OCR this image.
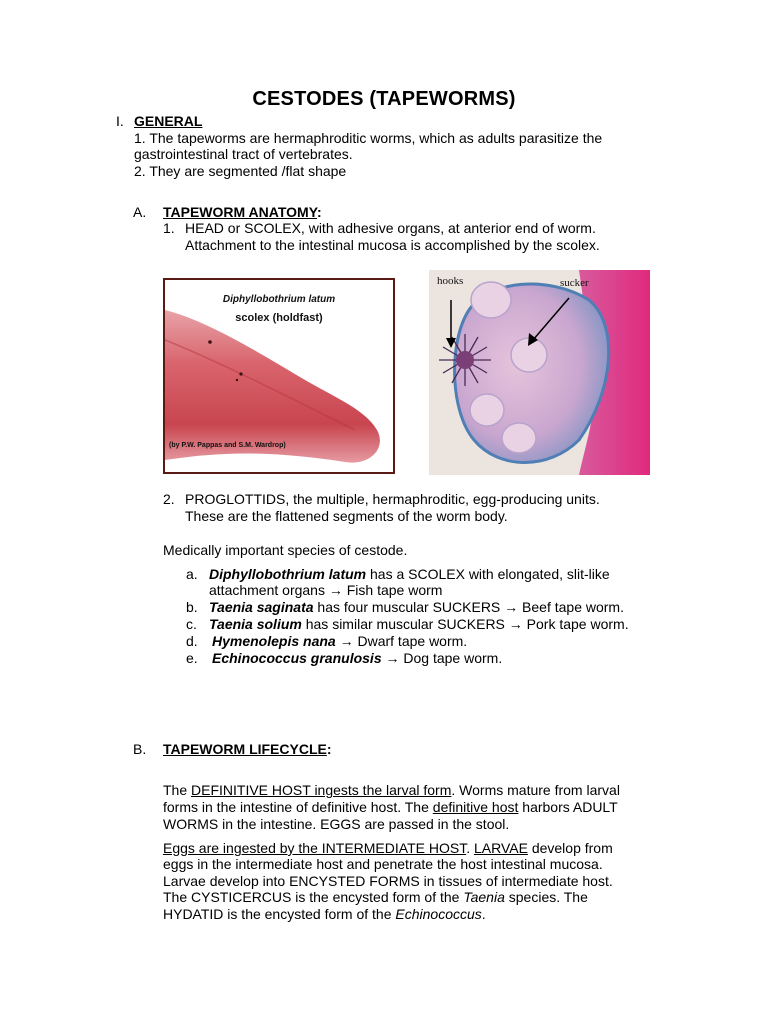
CESTODES (TAPEWORMS)
I. GENERAL
1. The tapeworms are hermaphroditic worms, which as adults parasitize the
gastrointestinal tract of vertebrates.
2. They are segmented /flat shape
A. TAPEWORM ANATOMY:
1. HEAD or SCOLEX, with adhesive organs, at anterior end of worm.
Attachment to the intestinal mucosa is accomplished by the scolex.
Diphyllobothrium latum
scolex (holdfast)
(by P.W. Pappas and S.M. Wardrop)
hooks	sucker
2. PROGLOTTIDS, the multiple, hermaphroditic, egg-producing units.
These are the flattened segments of the worm body.
Medically important species of cestode.
a. Diphyllobothrium latum has a SCOLEX with elongated, slit-like
attachment organs → Fish tape worm
b. Taenia saginata has four muscular SUCKERS → Beef tape worm.
c. Taenia solium has similar muscular SUCKERS → Pork tape worm.
d. Hymenolepis nana → Dwarf tape worm.
e. Echinococcus granulosis → Dog tape worm.
B. TAPEWORM LIFECYCLE:
The DEFINITIVE HOST ingests the larval form. Worms mature from larval
forms in the intestine of definitive host. The definitive host harbors ADULT
WORMS in the intestine. EGGS are passed in the stool.
Eggs are ingested by the INTERMEDIATE HOST. LARVAE develop from
eggs in the intermediate host and penetrate the host intestinal mucosa.
Larvae develop into ENCYSTED FORMS in tissues of intermediate host.
The CYSTICERCUS is the encysted form of the Taenia species. The
HYDATID is the encysted form of the Echinococcus.
